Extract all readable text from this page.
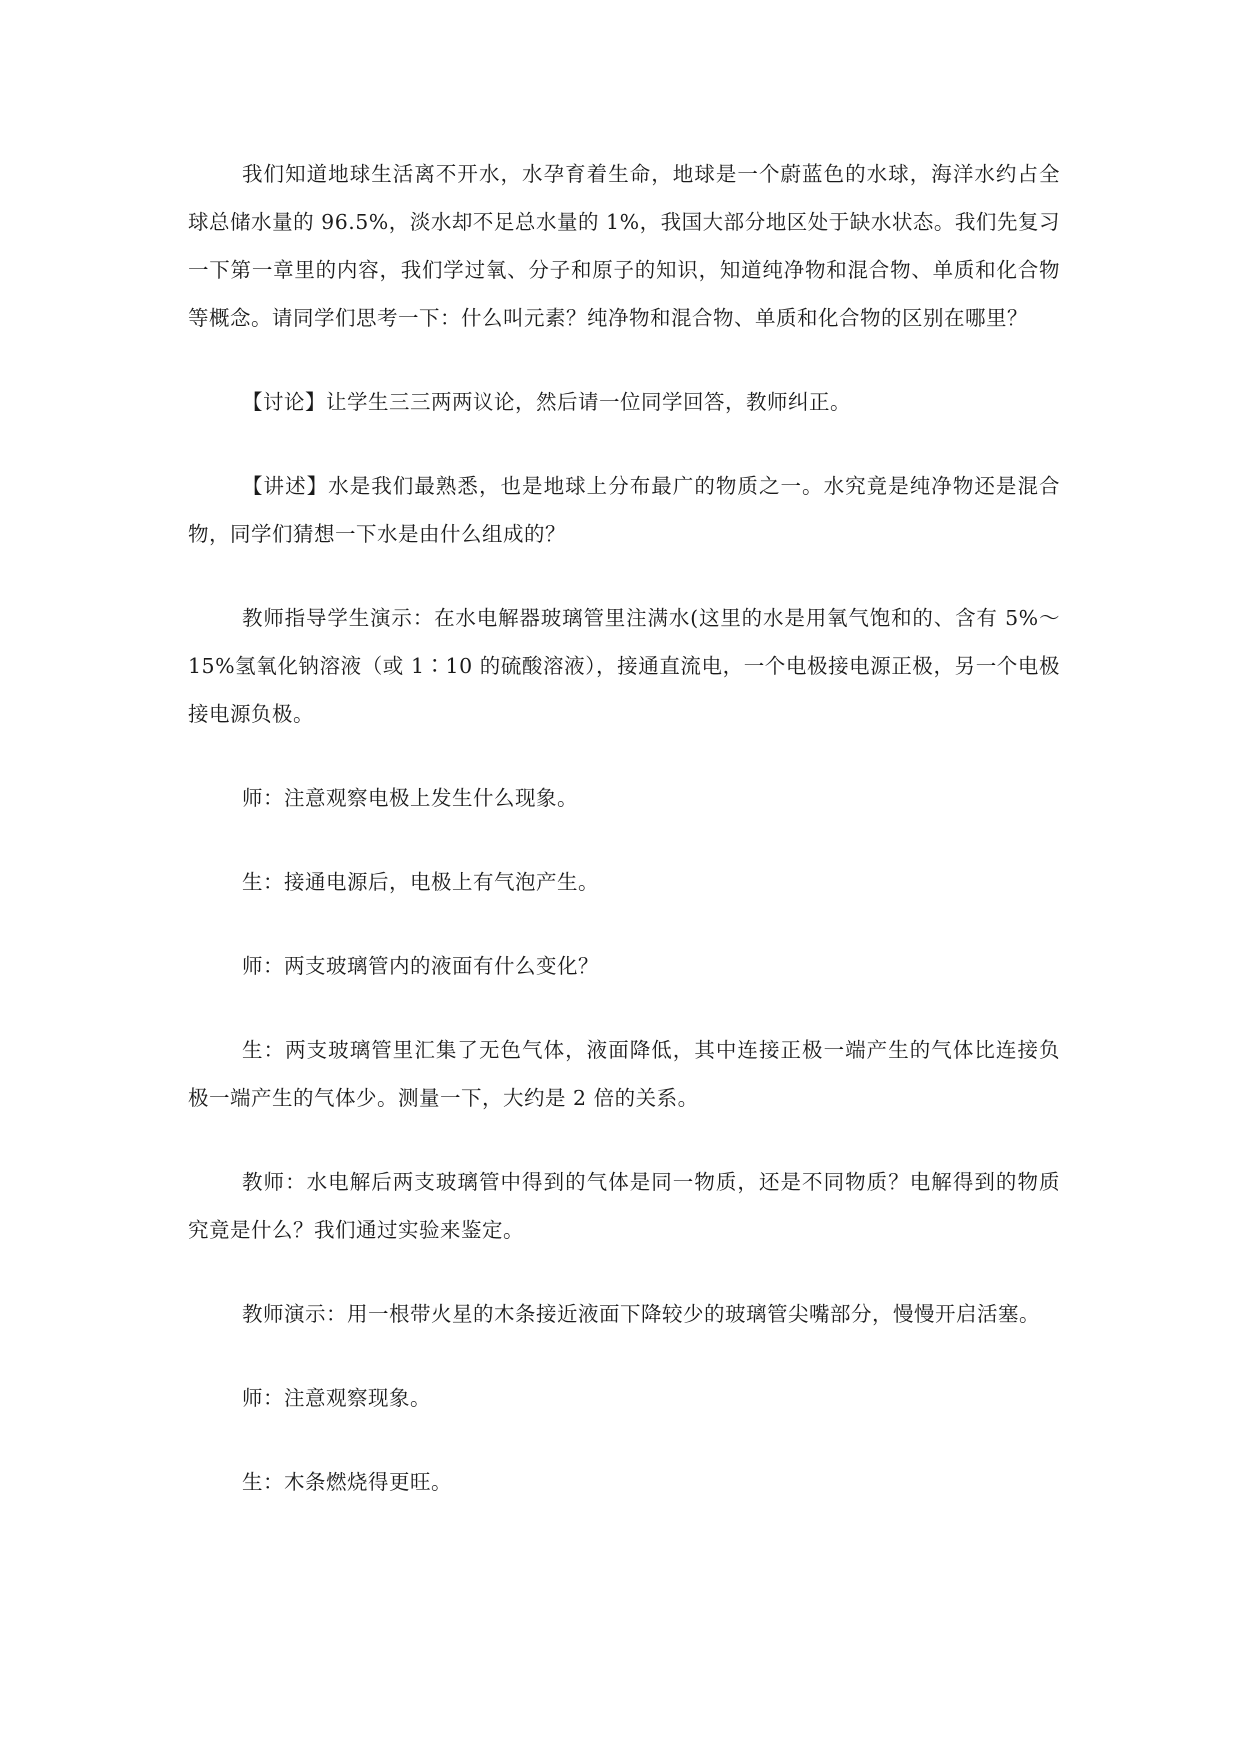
我们知道地球生活离不开水，水孕育着生命，地球是一个蔚蓝色的水球，海洋水约占全球总储水量的 96.5%，淡水却不足总水量的 1%，我国大部分地区处于缺水状态。我们先复习一下第一章里的内容，我们学过氧、分子和原子的知识，知道纯净物和混合物、单质和化合物等概念。请同学们思考一下：什么叫元素？纯净物和混合物、单质和化合物的区别在哪里？

【讨论】让学生三三两两议论，然后请一位同学回答，教师纠正。

【讲述】水是我们最熟悉，也是地球上分布最广的物质之一。水究竟是纯净物还是混合物，同学们猜想一下水是由什么组成的？

教师指导学生演示：在水电解器玻璃管里注满水(这里的水是用氧气饱和的、含有 5%～15%氢氧化钠溶液（或 1∶10 的硫酸溶液），接通直流电，一个电极接电源正极，另一个电极接电源负极。

师：注意观察电极上发生什么现象。

生：接通电源后，电极上有气泡产生。

师：两支玻璃管内的液面有什么变化？

生：两支玻璃管里汇集了无色气体，液面降低，其中连接正极一端产生的气体比连接负极一端产生的气体少。测量一下，大约是 2 倍的关系。

教师：水电解后两支玻璃管中得到的气体是同一物质，还是不同物质？电解得到的物质究竟是什么？我们通过实验来鉴定。

教师演示：用一根带火星的木条接近液面下降较少的玻璃管尖嘴部分，慢慢开启活塞。

师：注意观察现象。

生：木条燃烧得更旺。
